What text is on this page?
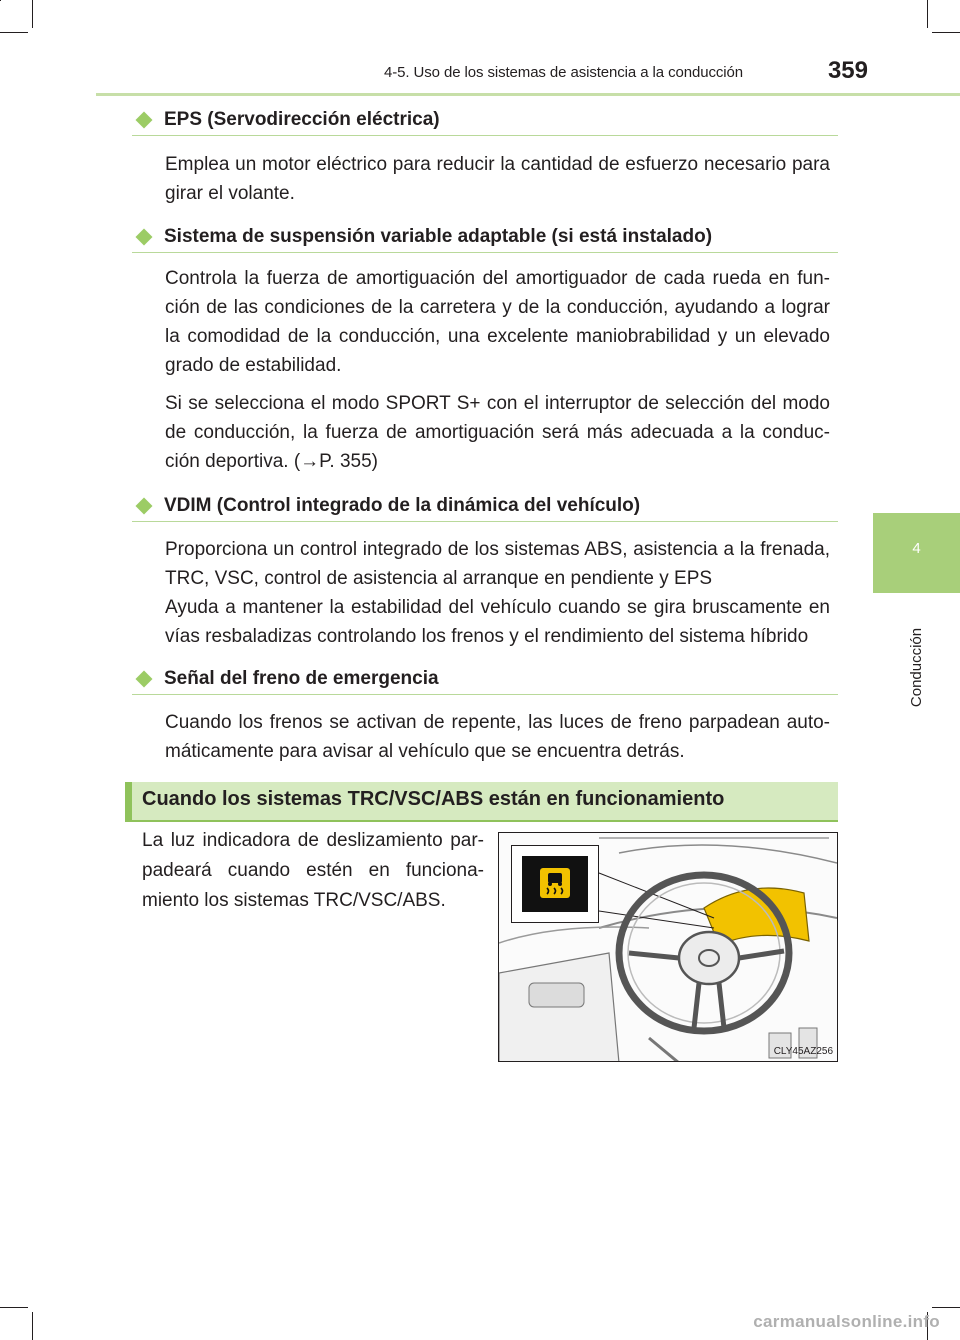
4-5. Uso de los sistemas de asistencia a la conducción	359
4
Conducción
EPS (Servodirección eléctrica)
Emplea un motor eléctrico para reducir la cantidad de esfuerzo necesario para girar el volante.
Sistema de suspensión variable adaptable (si está instalado)
Controla la fuerza de amortiguación del amortiguador de cada rueda en fun-ción de las condiciones de la carretera y de la conducción, ayudando a lograr la comodidad de la conducción, una excelente maniobrabilidad y un elevado grado de estabilidad.
Si se selecciona el modo SPORT S+ con el interruptor de selección del modo de conducción, la fuerza de amortiguación será más adecuada a la conduc-ción deportiva. (→P. 355)
VDIM (Control integrado de la dinámica del vehículo)
Proporciona un control integrado de los sistemas ABS, asistencia a la frenada, TRC, VSC, control de asistencia al arranque en pendiente y EPS
Ayuda a mantener la estabilidad del vehículo cuando se gira bruscamente en vías resbaladizas controlando los frenos y el rendimiento del sistema híbrido
Señal del freno de emergencia
Cuando los frenos se activan de repente, las luces de freno parpadean auto-máticamente para avisar al vehículo que se encuentra detrás.
Cuando los sistemas TRC/VSC/ABS están en funcionamiento
La luz indicadora de deslizamiento par-padeará cuando estén en funciona-miento los sistemas TRC/VSC/ABS.
CLY45AZ256
carmanualsonline.info
